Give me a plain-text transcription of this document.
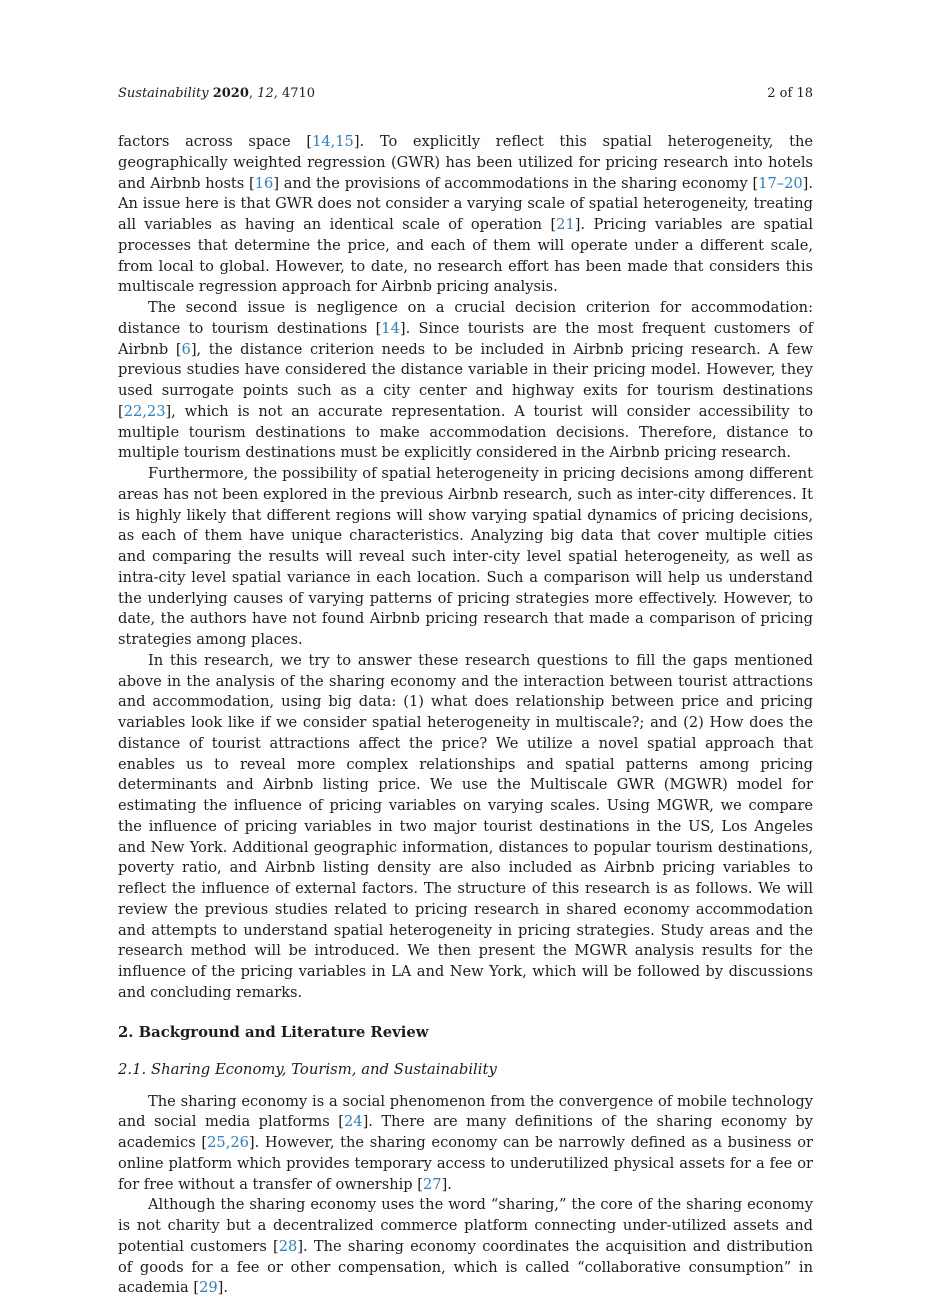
Sustainability 2020, 12, 4710	2 of 18

factors across space [14,15]. To explicitly reflect this spatial heterogeneity, the geographically weighted regression (GWR) has been utilized for pricing research into hotels and Airbnb hosts [16] and the provisions of accommodations in the sharing economy [17–20]. An issue here is that GWR does not consider a varying scale of spatial heterogeneity, treating all variables as having an identical scale of operation [21]. Pricing variables are spatial processes that determine the price, and each of them will operate under a different scale, from local to global. However, to date, no research effort has been made that considers this multiscale regression approach for Airbnb pricing analysis.

The second issue is negligence on a crucial decision criterion for accommodation: distance to tourism destinations [14]. Since tourists are the most frequent customers of Airbnb [6], the distance criterion needs to be included in Airbnb pricing research. A few previous studies have considered the distance variable in their pricing model. However, they used surrogate points such as a city center and highway exits for tourism destinations [22,23], which is not an accurate representation. A tourist will consider accessibility to multiple tourism destinations to make accommodation decisions. Therefore, distance to multiple tourism destinations must be explicitly considered in the Airbnb pricing research.

Furthermore, the possibility of spatial heterogeneity in pricing decisions among different areas has not been explored in the previous Airbnb research, such as inter-city differences. It is highly likely that different regions will show varying spatial dynamics of pricing decisions, as each of them have unique characteristics. Analyzing big data that cover multiple cities and comparing the results will reveal such inter-city level spatial heterogeneity, as well as intra-city level spatial variance in each location. Such a comparison will help us understand the underlying causes of varying patterns of pricing strategies more effectively. However, to date, the authors have not found Airbnb pricing research that made a comparison of pricing strategies among places.

In this research, we try to answer these research questions to fill the gaps mentioned above in the analysis of the sharing economy and the interaction between tourist attractions and accommodation, using big data: (1) what does relationship between price and pricing variables look like if we consider spatial heterogeneity in multiscale?; and (2) How does the distance of tourist attractions affect the price? We utilize a novel spatial approach that enables us to reveal more complex relationships and spatial patterns among pricing determinants and Airbnb listing price. We use the Multiscale GWR (MGWR) model for estimating the influence of pricing variables on varying scales. Using MGWR, we compare the influence of pricing variables in two major tourist destinations in the US, Los Angeles and New York. Additional geographic information, distances to popular tourism destinations, poverty ratio, and Airbnb listing density are also included as Airbnb pricing variables to reflect the influence of external factors. The structure of this research is as follows. We will review the previous studies related to pricing research in shared economy accommodation and attempts to understand spatial heterogeneity in pricing strategies. Study areas and the research method will be introduced. We then present the MGWR analysis results for the influence of the pricing variables in LA and New York, which will be followed by discussions and concluding remarks.

2. Background and Literature Review
2.1. Sharing Economy, Tourism, and Sustainability

The sharing economy is a social phenomenon from the convergence of mobile technology and social media platforms [24]. There are many definitions of the sharing economy by academics [25,26]. However, the sharing economy can be narrowly defined as a business or online platform which provides temporary access to underutilized physical assets for a fee or for free without a transfer of ownership [27].

Although the sharing economy uses the word “sharing,” the core of the sharing economy is not charity but a decentralized commerce platform connecting under-utilized assets and potential customers [28]. The sharing economy coordinates the acquisition and distribution of goods for a fee or other compensation, which is called “collaborative consumption” in academia [29].
